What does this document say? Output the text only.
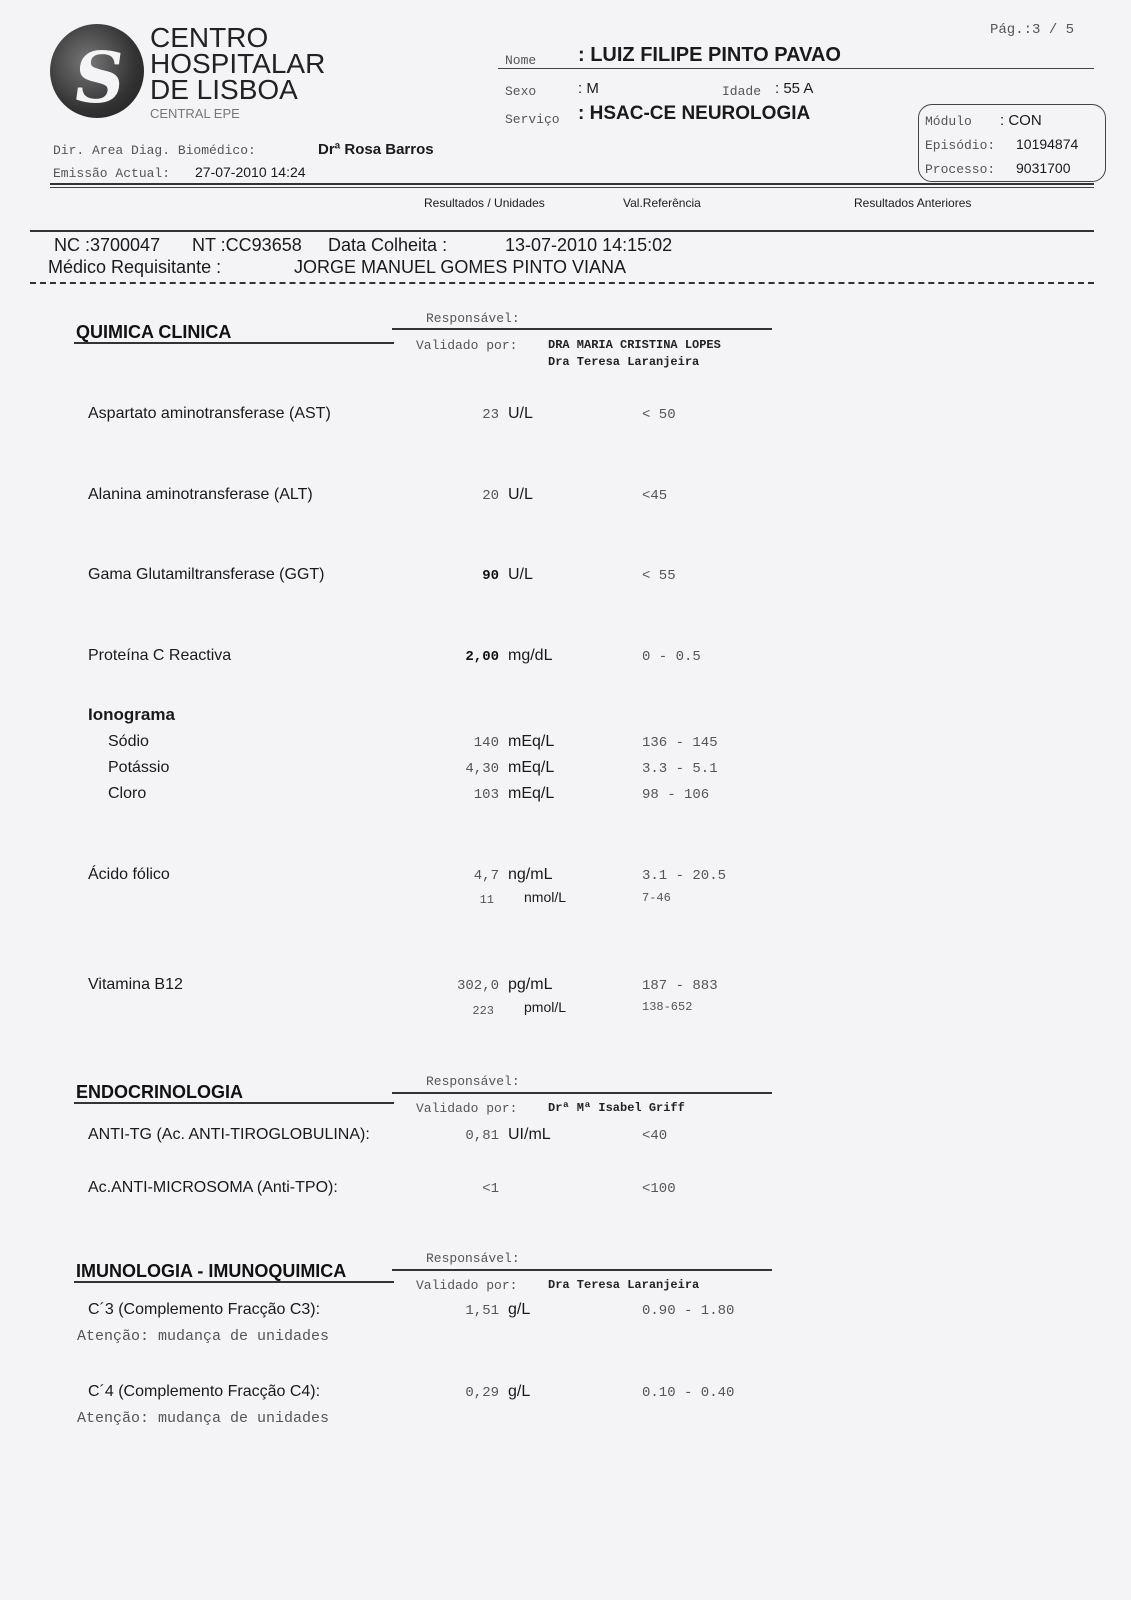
S CENTRO
HOSPITALAR
DE LISBOA
CENTRAL EPE
Pág.:3 / 5
Nome : LUIZ FILIPE PINTO PAVAO
Sexo	: M	Idade : 55 A
Serviço : HSAC-CE NEUROLOGIA
Dir. Area Diag. Biomédico:	Drª Rosa Barros
Emissão Actual: 27-07-2010 14:24
Módulo : CON
Episódio: 10194874
Processo: 9031700
Resultados / Unidades	Val.Referência	Resultados Anteriores
NC :3700047 NT :CC93658 Data Colheita :	13-07-2010 14:15:02
Médico Requisitante :	JORGE MANUEL GOMES PINTO VIANA
QUIMICA CLINICA
Responsável:
Validado por:	DRA MARIA CRISTINA LOPES
Dra Teresa Laranjeira
Aspartato aminotransferase (AST)	23 U/L	< 50
Alanina aminotransferase (ALT)	20 U/L	<45
Gama Glutamiltransferase (GGT)	90 U/L	< 55
Proteína C Reactiva	2,00 mg/dL	0 - 0.5
Ionograma
Sódio	140 mEq/L	136 - 145
Potássio	4,30 mEq/L	3.3 - 5.1
Cloro	103 mEq/L	98 - 106
Ácido fólico	4,7 ng/mL	3.1 - 20.5
11 nmol/L	7-46
Vitamina B12	302,0 pg/mL	187 - 883
223 pmol/L	138-652
ENDOCRINOLOGIA
Responsável:
Validado por:	Drª Mª Isabel Griff
ANTI-TG (Ac. ANTI-TIROGLOBULINA):	0,81 UI/mL	<40
Ac.ANTI-MICROSOMA (Anti-TPO):	<1	<100
IMUNOLOGIA - IMUNOQUIMICA
Responsável:
Validado por:	Dra Teresa Laranjeira
C´3 (Complemento Fracção C3):	1,51 g/L	0.90 - 1.80
Atenção: mudança de unidades
C´4 (Complemento Fracção C4):	0,29 g/L	0.10 - 0.40
Atenção: mudança de unidades
